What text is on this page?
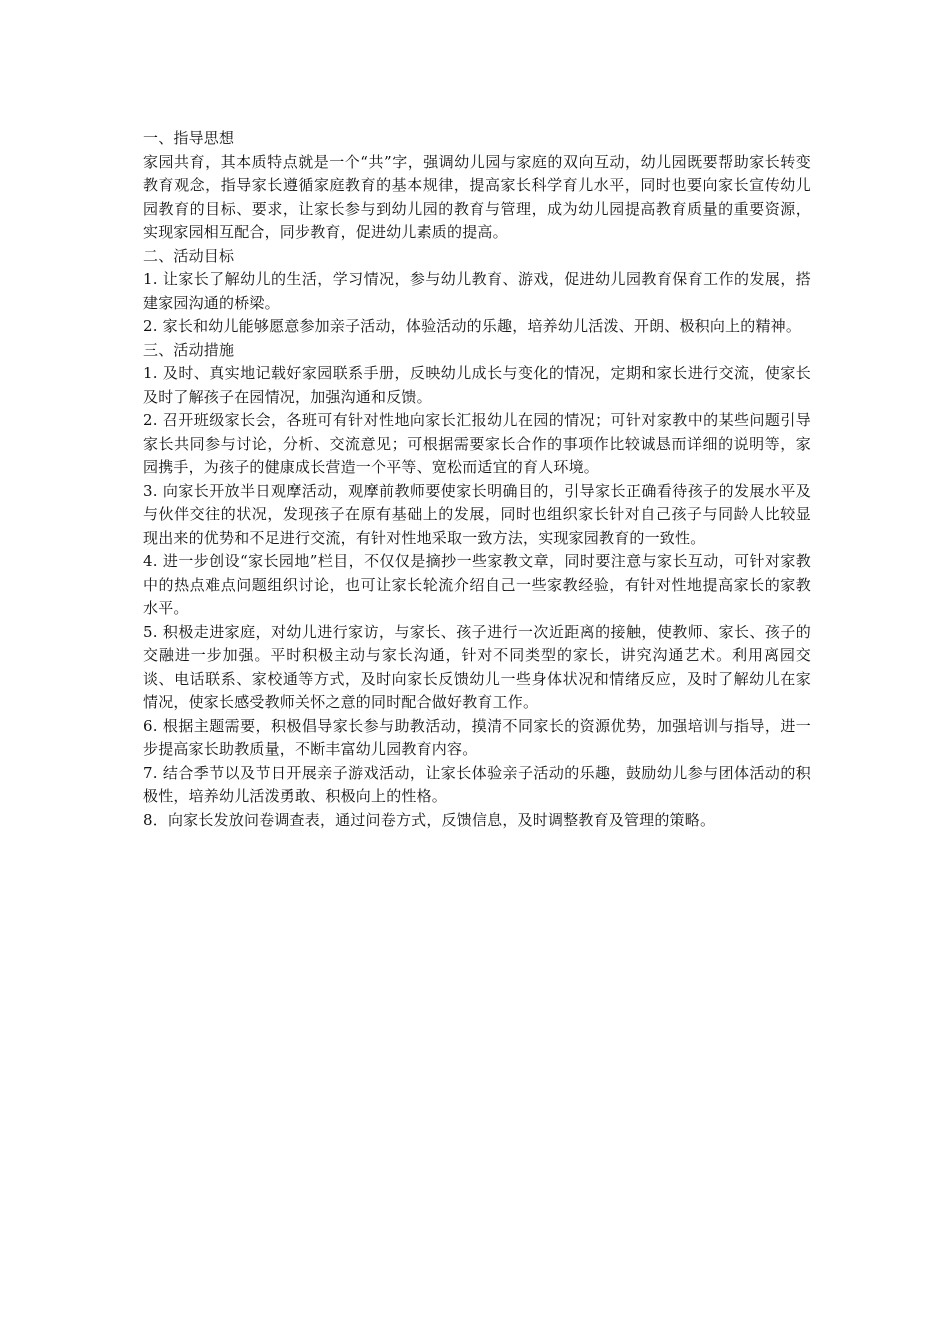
一、指导思想

家园共育，其本质特点就是一个“共”字，强调幼儿园与家庭的双向互动，幼儿园既要帮助家长转变教育观念，指导家长遵循家庭教育的基本规律，提高家长科学育儿水平，同时也要向家长宣传幼儿园教育的目标、要求，让家长参与到幼儿园的教育与管理，成为幼儿园提高教育质量的重要资源，实现家园相互配合，同步教育，促进幼儿素质的提高。

二、活动目标

1. 让家长了解幼儿的生活，学习情况，参与幼儿教育、游戏，促进幼儿园教育保育工作的发展，搭建家园沟通的桥梁。

2. 家长和幼儿能够愿意参加亲子活动，体验活动的乐趣，培养幼儿活泼、开朗、极积向上的精神。

三、活动措施

1. 及时、真实地记载好家园联系手册，反映幼儿成长与变化的情况，定期和家长进行交流，使家长及时了解孩子在园情况，加强沟通和反馈。

2. 召开班级家长会，各班可有针对性地向家长汇报幼儿在园的情况；可针对家教中的某些问题引导家长共同参与讨论，分析、交流意见；可根据需要家长合作的事项作比较诚恳而详细的说明等，家园携手，为孩子的健康成长营造一个平等、宽松而适宜的育人环境。

3. 向家长开放半日观摩活动，观摩前教师要使家长明确目的，引导家长正确看待孩子的发展水平及与伙伴交往的状况，发现孩子在原有基础上的发展，同时也组织家长针对自己孩子与同龄人比较显现出来的优势和不足进行交流，有针对性地采取一致方法，实现家园教育的一致性。

4. 进一步创设“家长园地”栏目，不仅仅是摘抄一些家教文章，同时要注意与家长互动，可针对家教中的热点难点问题组织讨论，也可让家长轮流介绍自己一些家教经验，有针对性地提高家长的家教水平。

5. 积极走进家庭，对幼儿进行家访，与家长、孩子进行一次近距离的接触，使教师、家长、孩子的交融进一步加强。平时积极主动与家长沟通，针对不同类型的家长，讲究沟通艺术。利用离园交谈、电话联系、家校通等方式，及时向家长反馈幼儿一些身体状况和情绪反应，及时了解幼儿在家情况，使家长感受教师关怀之意的同时配合做好教育工作。

6. 根据主题需要，积极倡导家长参与助教活动，摸清不同家长的资源优势，加强培训与指导，进一步提高家长助教质量，不断丰富幼儿园教育内容。

7. 结合季节以及节日开展亲子游戏活动，让家长体验亲子活动的乐趣，鼓励幼儿参与团体活动的积极性，培养幼儿活泼勇敢、积极向上的性格。

8．向家长发放问卷调查表，通过问卷方式，反馈信息，及时调整教育及管理的策略。
